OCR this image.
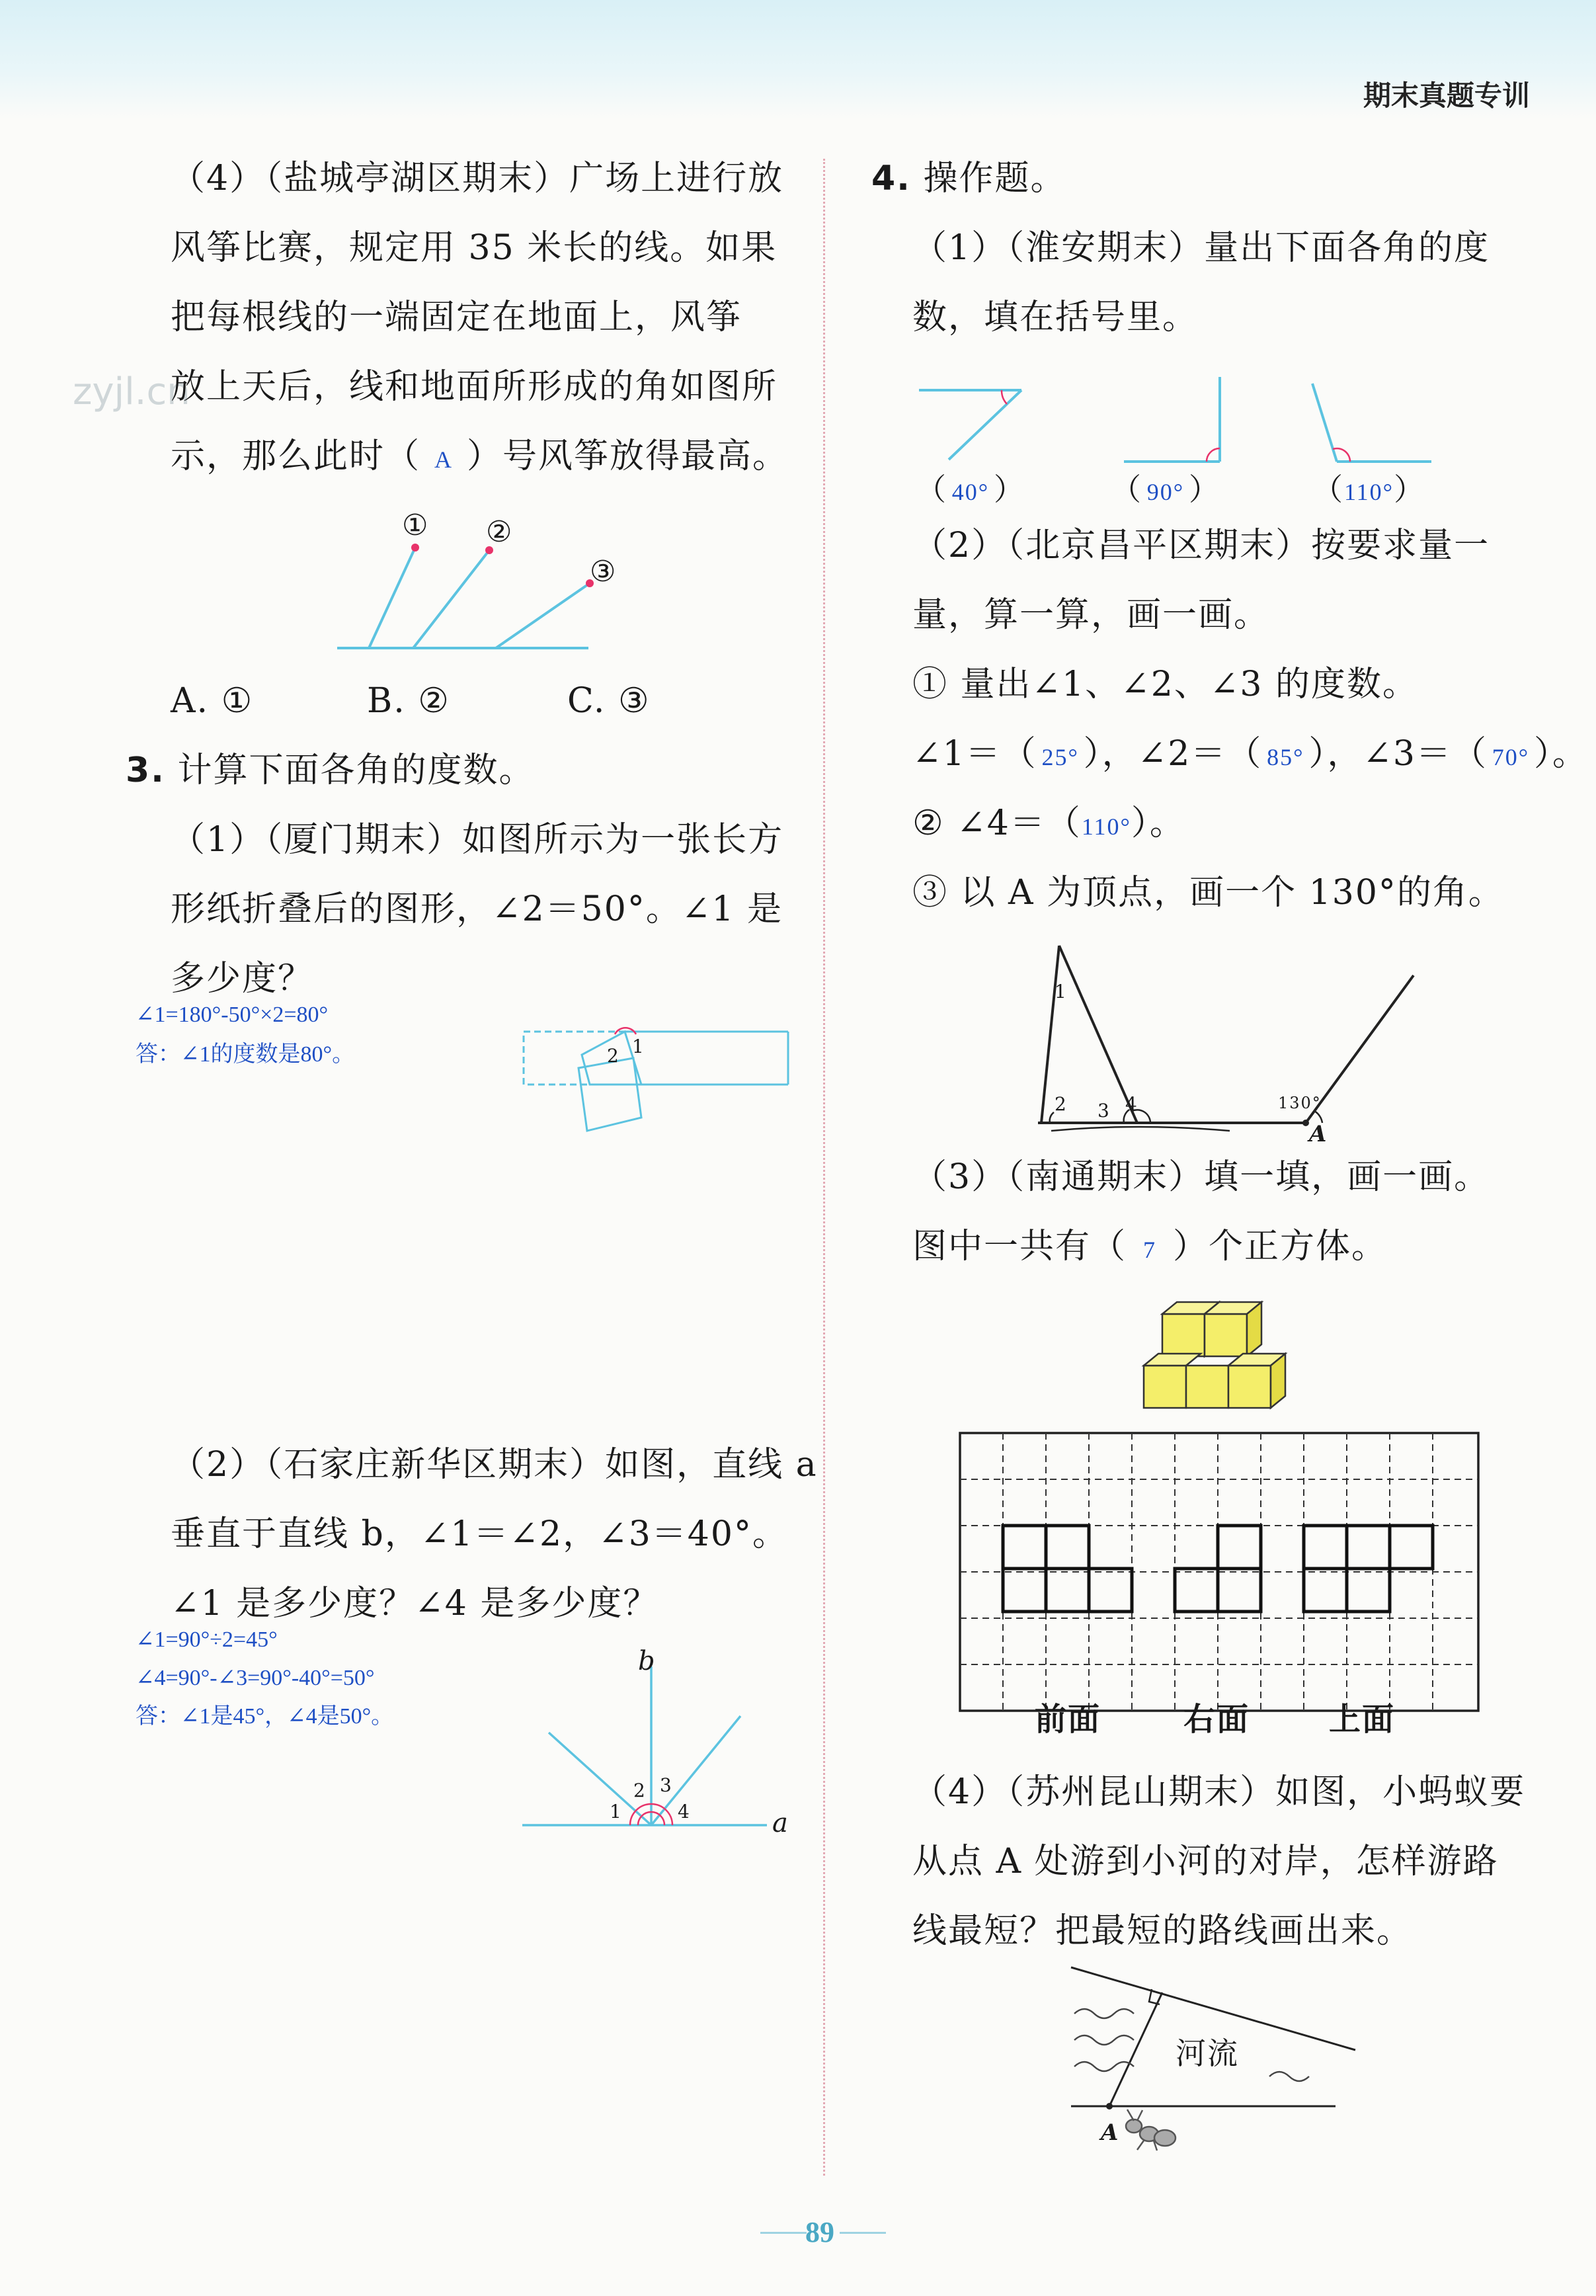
期末真题专训
zyjl.cn
（4）（盐城亭湖区期末）广场上进行放
风筝比赛，规定用 35 米长的线。如果
把每根线的一端固定在地面上，风筝
放上天后，线和地面所形成的角如图所
示，那么此时（ A ）号风筝放得最高。
① ②
③
A. ①	B. ②	C. ③
3. 计算下面各角的度数。
（1）（厦门期末）如图所示为一张长方
形纸折叠后的图形，∠2＝50°。∠1 是
多少度？
∠1=180°-50°×2=80°
答：∠1的度数是80°。	2 1
（2）（石家庄新华区期末）如图，直线 a
垂直于直线 b，∠1＝∠2，∠3＝40°。
∠1 是多少度？∠4 是多少度？
∠1=90°÷2=45°
∠4=90°-∠3=90°-40°=50°
答：∠1是45°，∠4是50°。
b
a
1
2 3
4
4. 操作题。
（1）（淮安期末）量出下面各角的度
数，填在括号里。
（ 40° ）	（ 90° ）	（110°）
（2）（北京昌平区期末）按要求量一
量，算一算，画一画。
① 量出∠1、∠2、∠3 的度数。
∠1＝（ 25° ），∠2＝（ 85° ），∠3＝（ 70° ）。
② ∠4＝（110°）。
③ 以 A 为顶点，画一个 130°的角。
1
2 3 4	130°
A
（3）（南通期末）填一填，画一画。
图中一共有（ 7 ）个正方体。
前面	右面 上面
（4）（苏州昆山期末）如图，小蚂蚁要
从点 A 处游到小河的对岸，怎样游路
线最短？把最短的路线画出来。
河流
A
89
